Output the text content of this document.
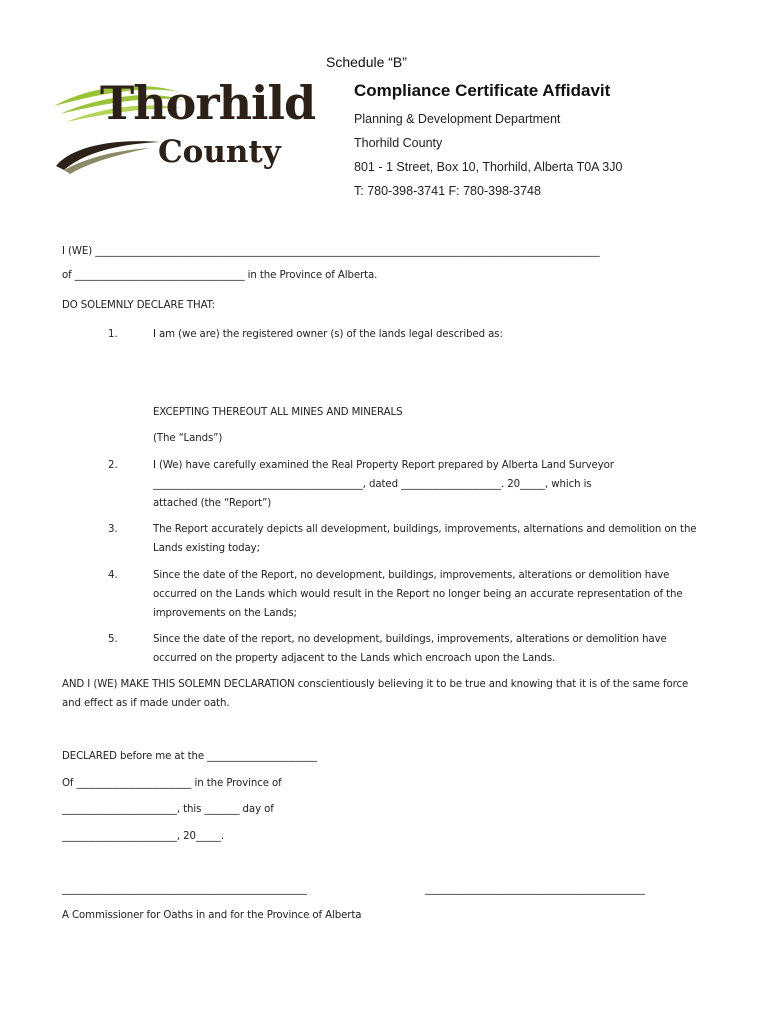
Schedule “B”
Thorhild
County
Compliance Certificate Affidavit
Planning & Development Department
Thorhild County
801 - 1 Street, Box 10, Thorhild, Alberta T0A 3J0
T: 780-398-3741 F: 780-398-3748
I (WE) _____________________________________________________________________________________________________
of __________________________________ in the Province of Alberta.
DO SOLEMNLY DECLARE THAT:
1.	I am (we are) the registered owner (s) of the lands legal described as:
EXCEPTING THEREOUT ALL MINES AND MINERALS
(The “Lands”)
2.	I (We) have carefully examined the Real Property Report prepared by Alberta Land Surveyor
__________________________________________, dated ____________________. 20_____, which is
attached (the “Report”)
3.	The Report accurately depicts all development, buildings, improvements, alternations and demolition on the
Lands existing today;
4.	Since the date of the Report, no development, buildings, improvements, alterations or demolition have
occurred on the Lands which would result in the Report no longer being an accurate representation of the
improvements on the Lands;
5.	Since the date of the report, no development, buildings, improvements, alterations or demolition have
occurred on the property adjacent to the Lands which encroach upon the Lands.
AND I (WE) MAKE THIS SOLEMN DECLARATION conscientiously believing it to be true and knowing that it is of the same force
and effect as if made under oath.
DECLARED before me at the ______________________
Of _______________________ in the Province of
_______________________, this _______ day of
_______________________, 20_____.
_________________________________________________	____________________________________________
A Commissioner for Oaths in and for the Province of Alberta
